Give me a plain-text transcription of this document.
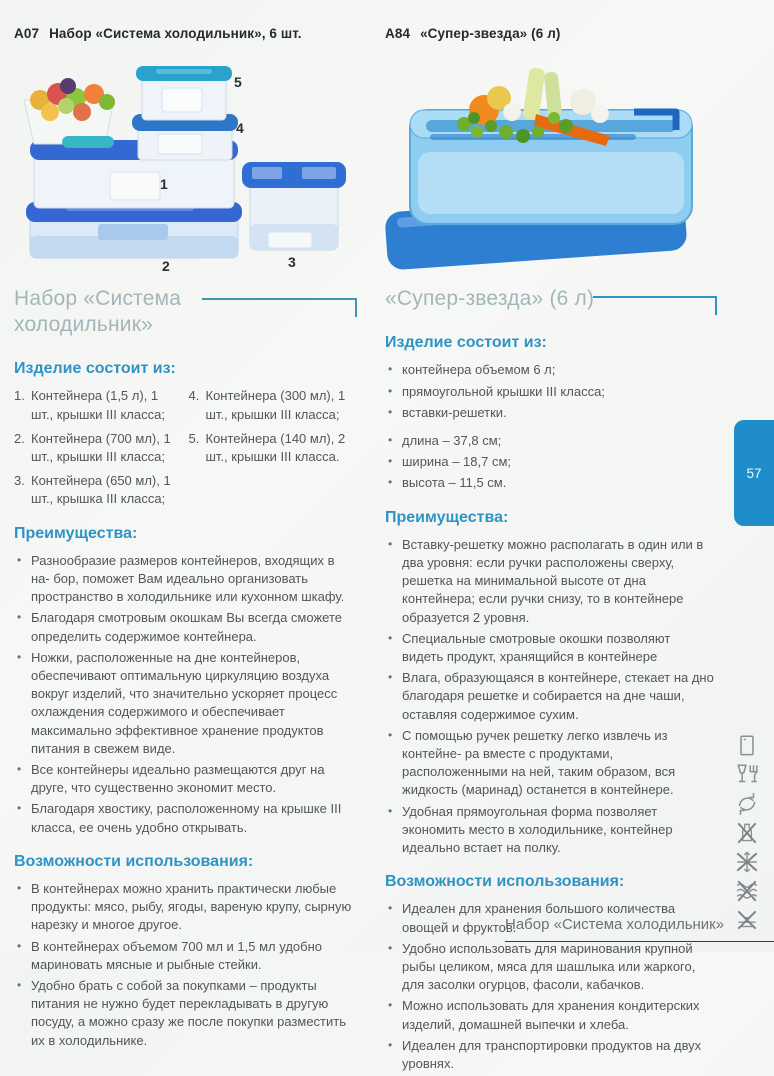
А07 Набор «Система холодильник», 6 шт.	А84 «Супер-звезда» (6 л)
1
2	3
4
5
Набор «Система холодильник»
Изделие состоит из:
1. Контейнера (1,5 л), 1 шт., крышки III класса;
2. Контейнера (700 мл), 1 шт., крышки III класса;
3. Контейнера (650 мл), 1 шт., крышка III класса;
4. Контейнера (300 мл), 1 шт., крышки III класса;
5. Контейнера (140 мл), 2 шт., крышки III класса.
Преимущества:
• Разнообразие размеров контейнеров, входящих в на- бор, поможет Вам идеально организовать пространство в холодильнике или кухонном шкафу.
• Благодаря смотровым окошкам Вы всегда сможете определить содержимое контейнера.
• Ножки, расположенные на дне контейнеров, обеспечивают оптимальную циркуляцию воздуха вокруг изделий, что значительно ускоряет процесс охлаждения содержимого и обеспечивает максимально эффективное хранение продуктов питания в свежем виде.
• Все контейнеры идеально размещаются друг на друге, что существенно экономит место.
• Благодаря хвостику, расположенному на крышке III класса, ее очень удобно открывать.
Возможности использования:
• В контейнерах можно хранить практически любые продукты: мясо, рыбу, ягоды, вареную крупу, сырную нарезку и многое другое.
• В контейнерах объемом 700 мл и 1,5 мл удобно мариновать мясные и рыбные стейки.
• Удобно брать с собой за покупками – продукты питания не нужно будет перекладывать в другую посуду, а можно сразу же после покупки разместить их в холодильнике.
«Супер-звезда» (6 л)
Изделие состоит из:
• контейнера объемом 6 л;
• прямоугольной крышки III класса;
• вставки-решетки.
• длина – 37,8 см;
• ширина – 18,7 см;
• высота – 11,5 см.
Преимущества:
• Вставку-решетку можно располагать в один или в два уровня: если ручки расположены сверху, решетка на минимальной высоте от дна контейнера; если ручки снизу, то в контейнере образуется 2 уровня.
• Специальные смотровые окошки позволяют видеть продукт, хранящийся в контейнере
• Влага, образующаяся в контейнере, стекает на дно благодаря решетке и собирается на дне чаши, оставляя содержимое сухим.
• С помощью ручек решетку легко извлечь из контейне- ра вместе с продуктами, расположенными на ней, таким образом, вся жидкость (маринад) останется в контейнере.
• Удобная прямоугольная форма позволяет экономить место в холодильнике, контейнер идеально встает на полку.
Возможности использования:
• Идеален для хранения большого количества овощей и фруктов.
• Удобно использовать для маринования крупной рыбы целиком, мяса для шашлыка или жаркого, для засолки огурцов, фасоли, кабачков.
• Можно использовать для хранения кондитерских изделий, домашней выпечки и хлеба.
• Идеален для транспортировки продуктов на двух уровнях.
57
Набор «Система холодильник»
